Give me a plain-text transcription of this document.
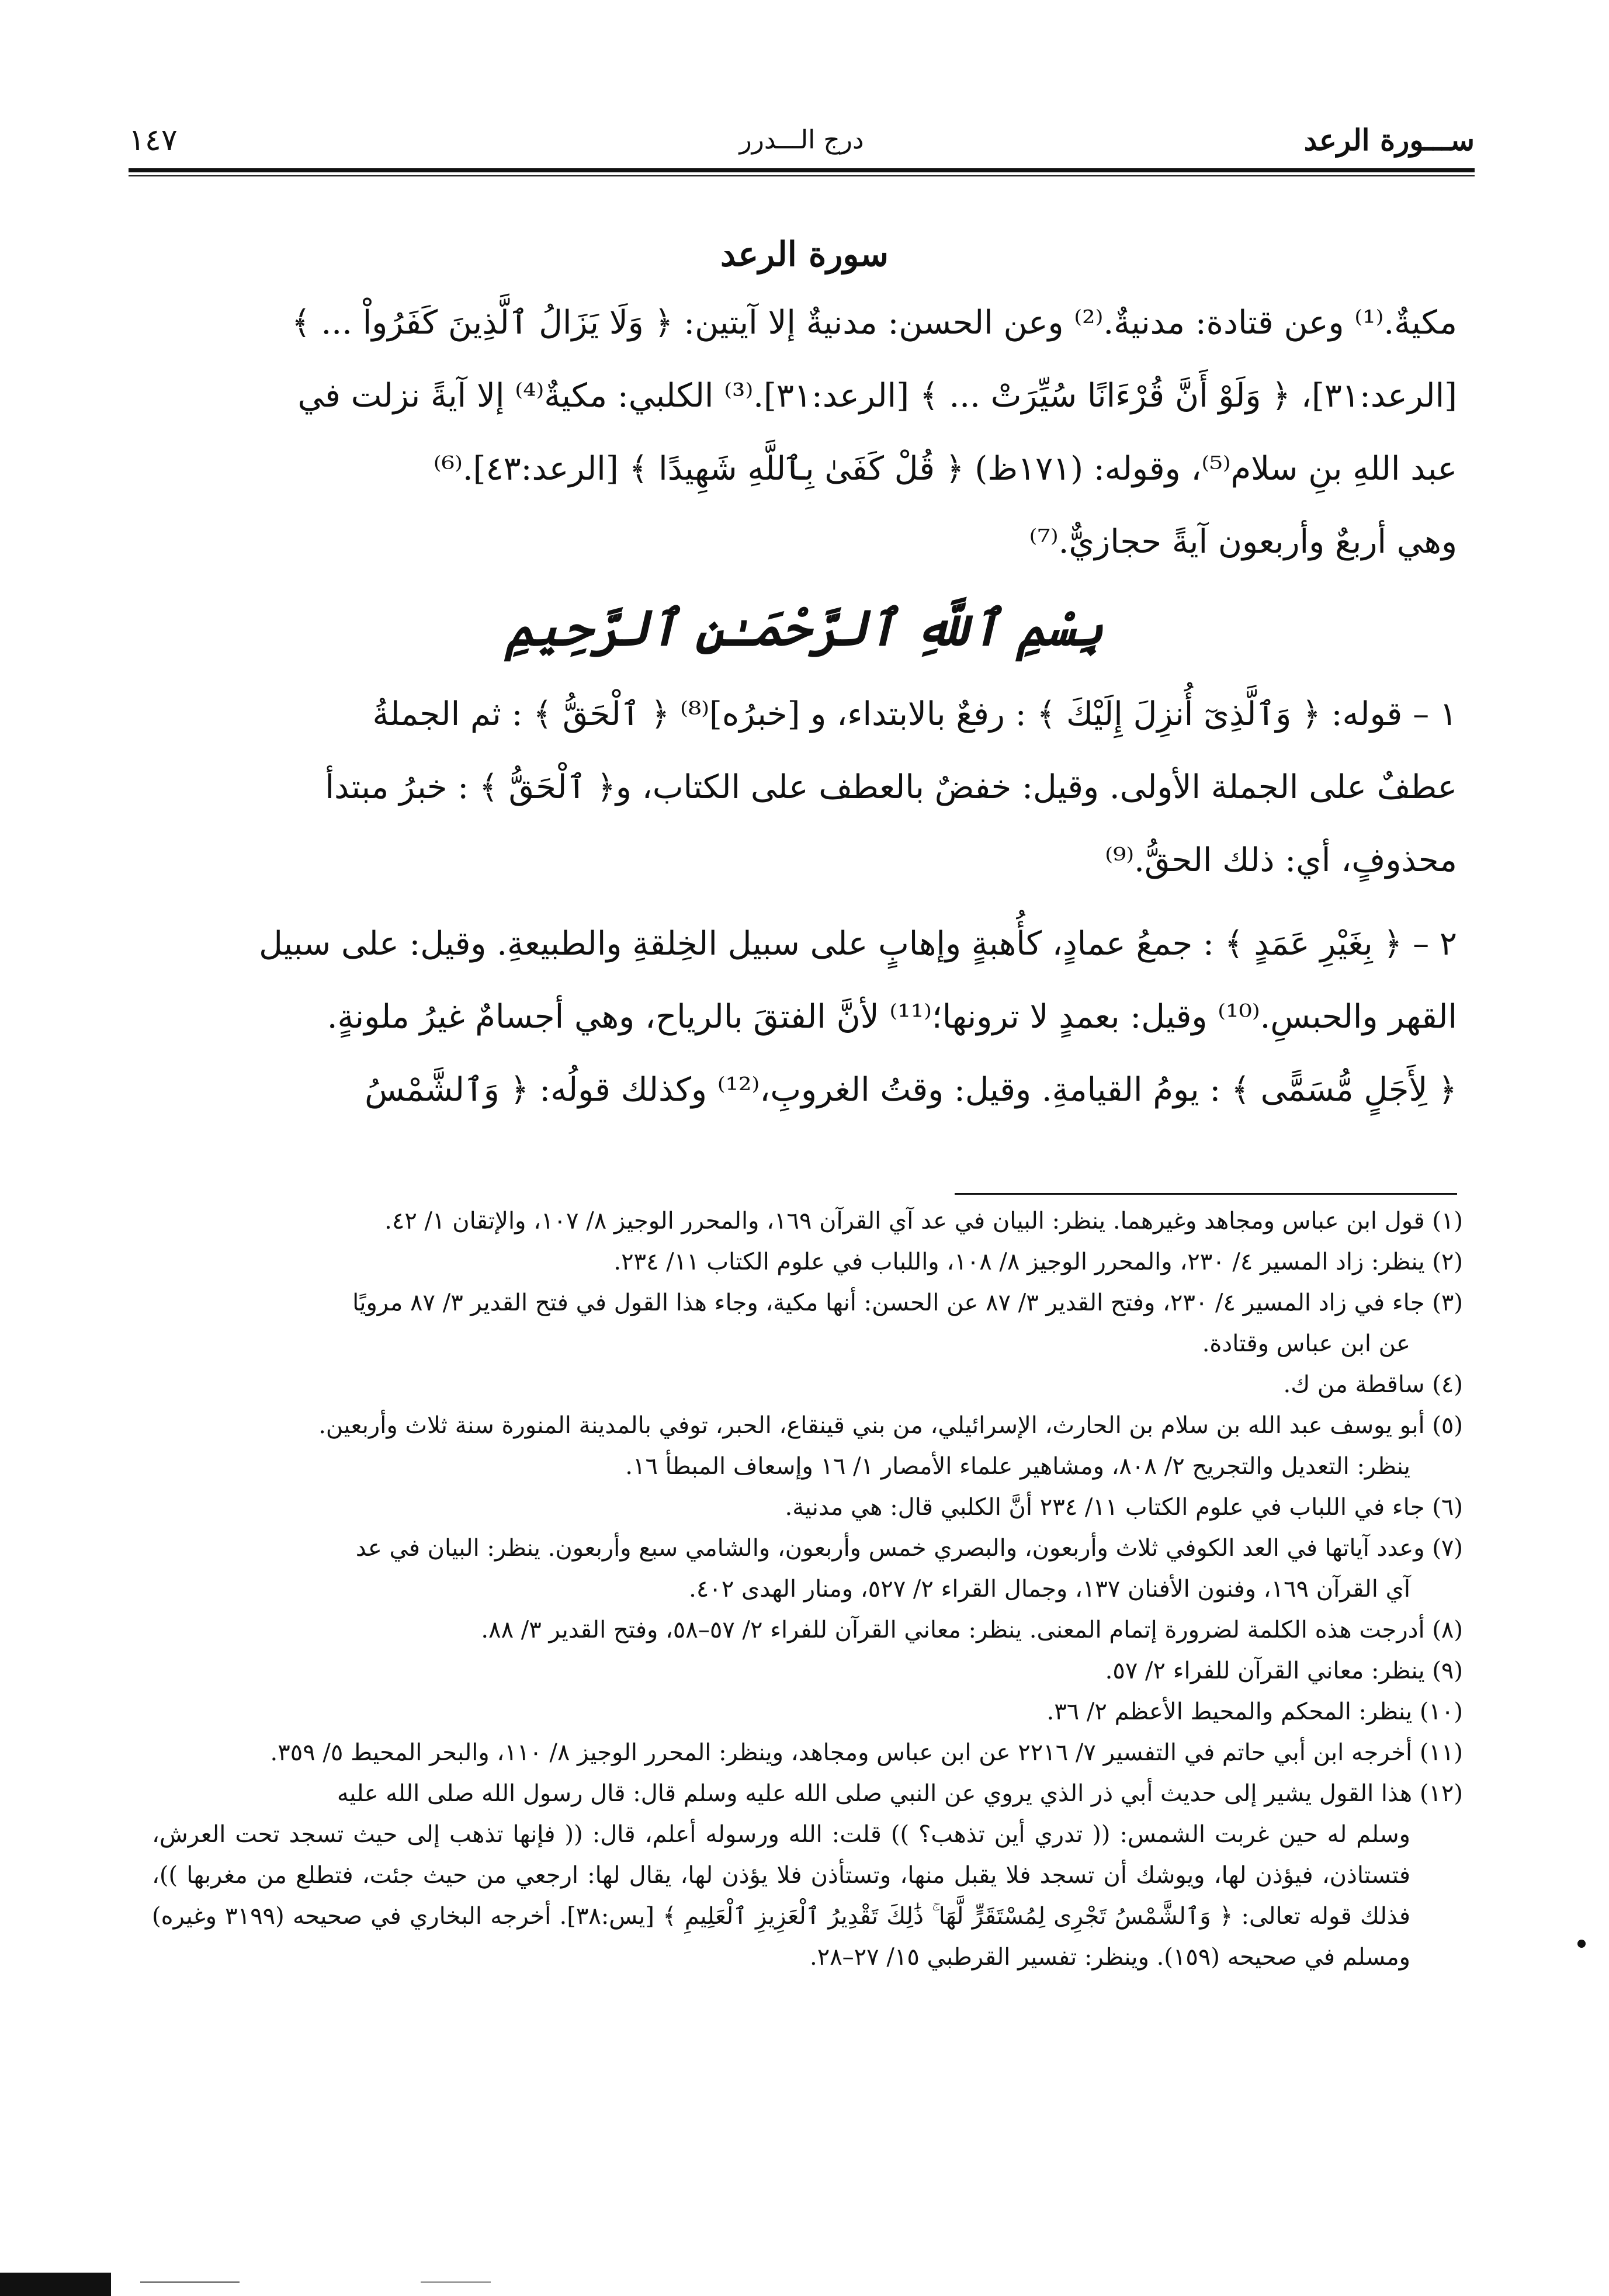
ســـورة الرعد
درج الـــدرر
١٤٧

سورة الرعد

مكيةٌ.⁽¹⁾ وعن قتادة: مدنيةٌ.⁽²⁾ وعن الحسن: مدنيةٌ إلا آيتين: ﴿ وَلَا يَزَالُ ٱلَّذِينَ كَفَرُواْ ... ﴾

[الرعد:٣١]، ﴿ وَلَوْ أَنَّ قُرْءَانًا سُيِّرَتْ ... ﴾ [الرعد:٣١].⁽³⁾ الكلبي: مكيةٌ⁽⁴⁾ إلا آيةً نزلت في

عبد اللهِ بنِ سلام⁽⁵⁾، وقوله: (١٧١ظ) ﴿ قُلْ كَفَىٰ بِٱللَّهِ شَهِيدًا ﴾ [الرعد:٤٣].⁽⁶⁾

وهي أربعٌ وأربعون آيةً حجازيٌّ.⁽⁷⁾

بِسْمِ ٱللَّهِ ٱلرَّحْمَـٰنِ ٱلرَّحِيمِ

١ – قوله: ﴿ وَٱلَّذِىٓ أُنزِلَ إِلَيْكَ ﴾ : رفعٌ بالابتداء، و [خبرُه]⁽⁸⁾ ﴿ ٱلْحَقُّ ﴾ : ثم الجملةُ

عطفٌ على الجملة الأولى. وقيل: خفضٌ بالعطف على الكتاب، و﴿ ٱلْحَقُّ ﴾ : خبرُ مبتدأ

محذوفٍ، أي: ذلك الحقُّ.⁽⁹⁾

٢ – ﴿ بِغَيْرِ عَمَدٍ ﴾ : جمعُ عمادٍ، كأُهبةٍ وإهابٍ على سبيل الخِلقةِ والطبيعةِ. وقيل: على سبيل

القهر والحبسِ.⁽¹⁰⁾ وقيل: بعمدٍ لا ترونها؛⁽¹¹⁾ لأنَّ الفتقَ بالرياح، وهي أجسامٌ غيرُ ملونةٍ.

﴿ لِأَجَلٍ مُّسَمًّى ﴾ : يومُ القيامةِ. وقيل: وقتُ الغروبِ،⁽¹²⁾ وكذلك قولُه: ﴿ وَٱلشَّمْسُ

(١) قول ابن عباس ومجاهد وغيرهما. ينظر: البيان في عد آي القرآن ١٦٩، والمحرر الوجيز ٨/ ١٠٧، والإتقان ١/ ٤٢.

(٢) ينظر: زاد المسير ٤/ ٢٣٠، والمحرر الوجيز ٨/ ١٠٨، واللباب في علوم الكتاب ١١/ ٢٣٤.

(٣) جاء في زاد المسير ٤/ ٢٣٠، وفتح القدير ٣/ ٨٧ عن الحسن: أنها مكية، وجاء هذا القول في فتح القدير ٣/ ٨٧ مرويًا
عن ابن عباس وقتادة.

(٤) ساقطة من ك.

(٥) أبو يوسف عبد الله بن سلام بن الحارث، الإسرائيلي، من بني قينقاع، الحبر، توفي بالمدينة المنورة سنة ثلاث وأربعين.
ينظر: التعديل والتجريح ٢/ ٨٠٨، ومشاهير علماء الأمصار ١/ ١٦ وإسعاف المبطأ ١٦.

(٦) جاء في اللباب في علوم الكتاب ١١/ ٢٣٤ أنَّ الكلبي قال: هي مدنية.

(٧) وعدد آياتها في العد الكوفي ثلاث وأربعون، والبصري خمس وأربعون، والشامي سبع وأربعون. ينظر: البيان في عد
آي القرآن ١٦٩، وفنون الأفنان ١٣٧، وجمال القراء ٢/ ٥٢٧، ومنار الهدى ٤٠٢.

(٨) أدرجت هذه الكلمة لضرورة إتمام المعنى. ينظر: معاني القرآن للفراء ٢/ ٥٧–٥٨، وفتح القدير ٣/ ٨٨.

(٩) ينظر: معاني القرآن للفراء ٢/ ٥٧.

(١٠) ينظر: المحكم والمحيط الأعظم ٢/ ٣٦.

(١١) أخرجه ابن أبي حاتم في التفسير ٧/ ٢٢١٦ عن ابن عباس ومجاهد، وينظر: المحرر الوجيز ٨/ ١١٠، والبحر المحيط ٥/ ٣٥٩.

(١٢) هذا القول يشير إلى حديث أبي ذر الذي يروي عن النبي صلى الله عليه وسلم قال: قال رسول الله صلى الله عليه
وسلم له حين غربت الشمس: (( تدري أين تذهب؟ )) قلت: الله ورسوله أعلم، قال: (( فإنها تذهب إلى حيث تسجد تحت العرش، فتستاذن، فيؤذن لها، ويوشك أن تسجد فلا يقبل منها، وتستأذن فلا يؤذن لها، يقال لها: ارجعي من حيث جئت، فتطلع من مغربها ))، فذلك قوله تعالى: ﴿ وَٱلشَّمْسُ تَجْرِى لِمُسْتَقَرٍّ لَّهَا ۚ ذَٰلِكَ تَقْدِيرُ ٱلْعَزِيزِ ٱلْعَلِيمِ ﴾ [يس:٣٨]. أخرجه البخاري في صحيحه (٣١٩٩ وغيره) ومسلم في صحيحه (١٥٩). وينظر: تفسير القرطبي ١٥/ ٢٧–٢٨.
